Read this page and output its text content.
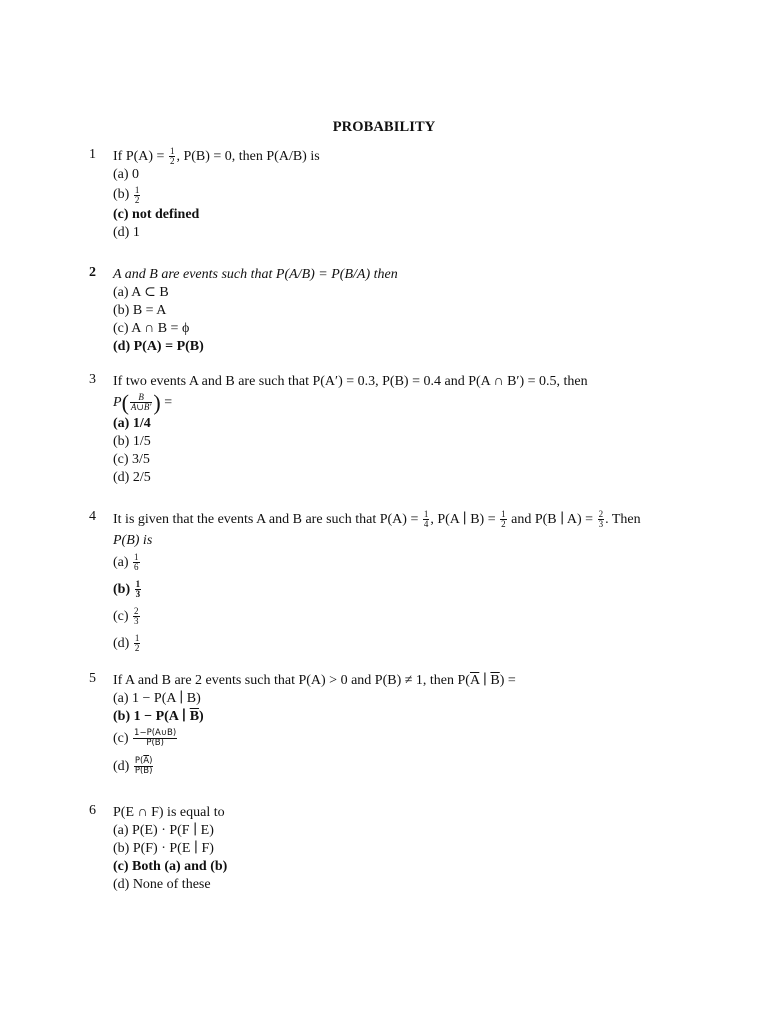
PROBABILITY
1	If $P(A) = \frac{1}{2}$ , P(B) = 0, then P(A/B) is
(a) 0
$(b) \frac{1}{2}$
(c) not defined
(d) 1
2	A and B are events such that P(A/B) = P(B/A) then
(a) A ⊂ B
(b) B = A
(c) A ∩ B = ϕ
(d) P(A) = P(B)
3	If two events A and B are such that P(A′) = 0.3, P(B) = 0.4 and P(A ∩ B′) = 0.5, then
$P( \frac{B}{A\cup B'}$ ) =
(a) 1/4
(b) 1/5
(c) 3/5
(d) 2/5
4	It is given that the events A and B are such that $P(A) = \frac{1}{4}$ , P(A ∣ $B) = \frac{1}{2}$ and P(B ∣ $A) = \frac{2}{3}$ . Then
P(B) is
$(a) \frac{1}{6}$
$(b) \frac{1}{3}$
$(c) \frac{2}{3}$
$(d) \frac{1}{2}$
5	If A and B are 2 events such that P(A) > 0 and P(B) ≠ 1, then $P(\overline{A}$ ∣ $\overline{B}$) =
(a) 1 − P(A ∣ B)
(b) 1 − P(A ∣ $\overline{B}$)
$(c) \frac{1-P(A\cup B)}{P(B)}$
$(d) \frac{P(\overline{A})}{P(B)}$
6	P(E ∩ F) is equal to
(a) P(E) · P(F ∣ E)
(b) P(F) · P(E ∣ F)
(c) Both (a) and (b)
(d) None of these
